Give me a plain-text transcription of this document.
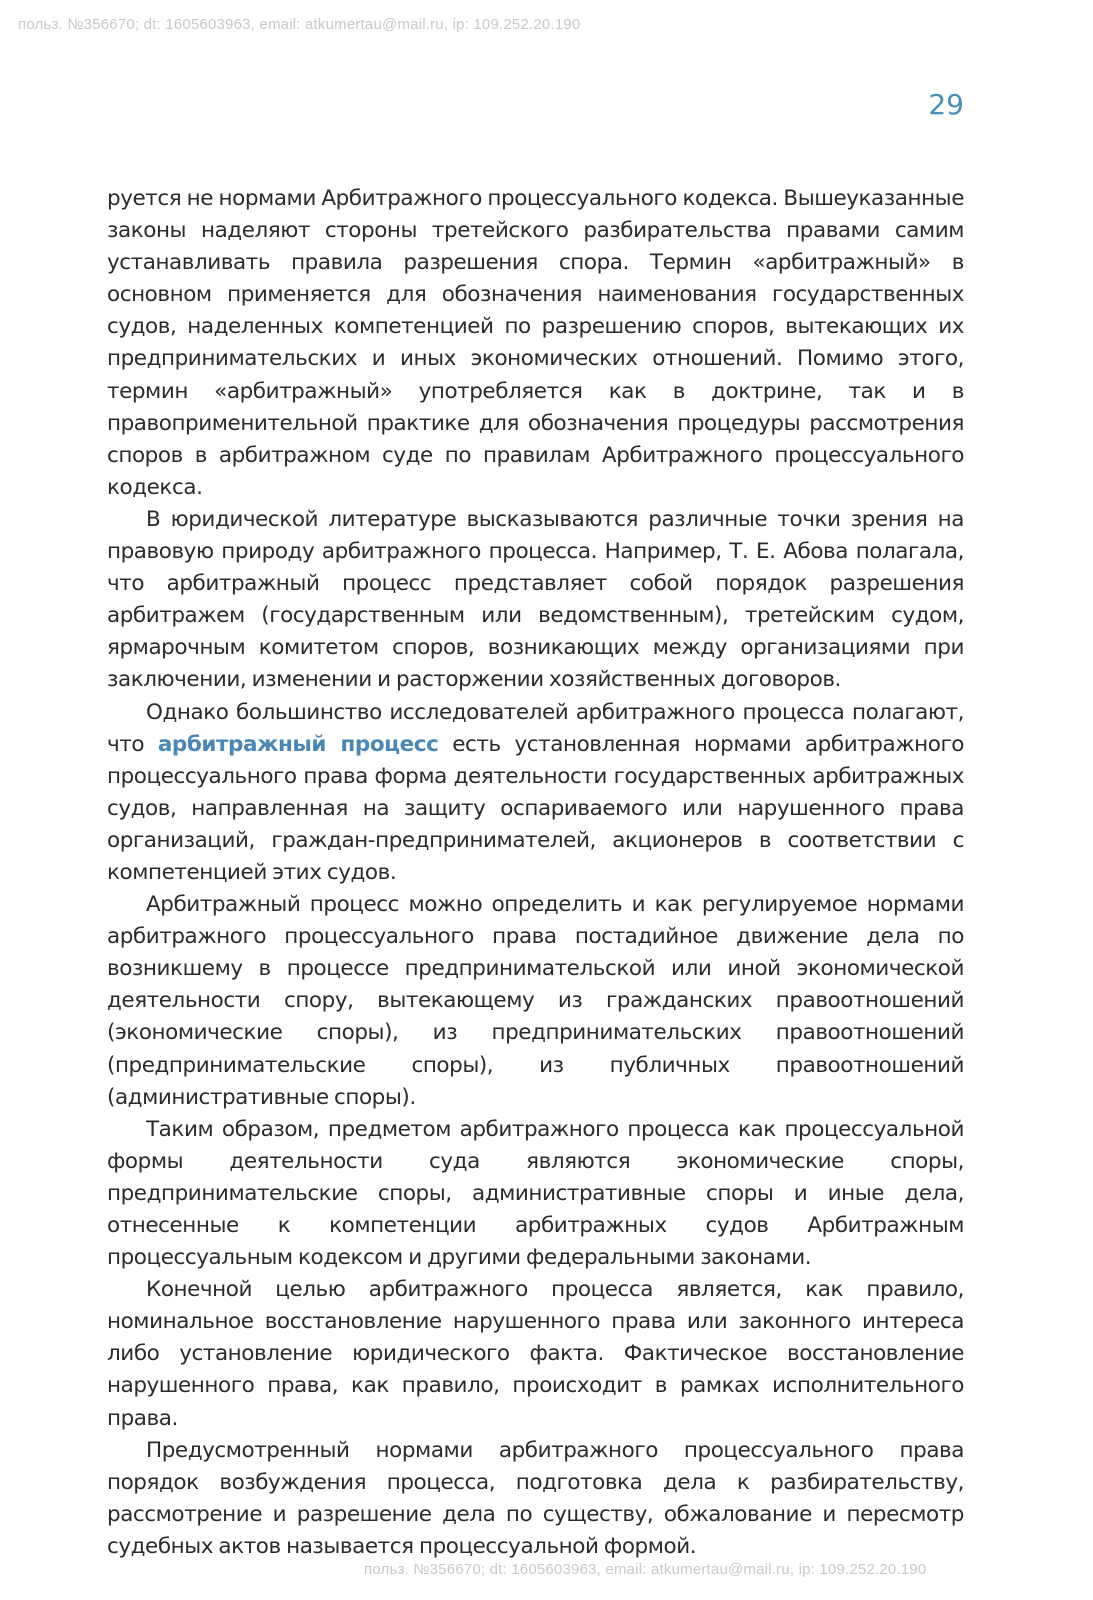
польз. №356670; dt: 1605603963, email: atkumertau@mail.ru, ip: 109.252.20.190
29

руется не нормами Арбитражного процессуального кодекса. Вышеуказанные законы наделяют стороны третейского разбирательства правами самим устанавливать правила разрешения спора. Термин «арбитражный» в основном применяется для обозначения наименования государственных судов, наделенных компетенцией по разрешению споров, вытекающих их предпринимательских и иных экономических отношений. Помимо этого, термин «арбитражный» употребляется как в доктрине, так и в правоприменительной практике для обозначения процедуры рассмотрения споров в арбитражном суде по правилам Арбитражного процессуального кодекса.

В юридической литературе высказываются различные точки зрения на правовую природу арбитражного процесса. Например, Т. Е. Абова полагала, что арбитражный процесс представляет собой порядок разрешения арбитражем (государственным или ведомственным), третейским судом, ярмарочным комитетом споров, возникающих между организациями при заключении, изменении и расторжении хозяйственных договоров.

Однако большинство исследователей арбитражного процесса полагают, что арбитражный процесс есть установленная нормами арбитражного процессуального права форма деятельности государственных арбитражных судов, направленная на защиту оспариваемого или нарушенного права организаций, граждан-предпринимателей, акционеров в соответствии с компетенцией этих судов.

Арбитражный процесс можно определить и как регулируемое нормами арбитражного процессуального права постадийное движение дела по возникшему в процессе предпринимательской или иной экономической деятельности спору, вытекающему из гражданских правоотношений (экономические споры), из предпринимательских правоотношений (предпринимательские споры), из публичных правоотношений (административные споры).

Таким образом, предметом арбитражного процесса как процессуальной формы деятельности суда являются экономические споры, предпринимательские споры, административные споры и иные дела, отнесенные к компетенции арбитражных судов Арбитражным процессуальным кодексом и другими федеральными законами.

Конечной целью арбитражного процесса является, как правило, номинальное восстановление нарушенного права или законного интереса либо установление юридического факта. Фактическое восстановление нарушенного права, как правило, происходит в рамках исполнительного права.

Предусмотренный нормами арбитражного процессуального права порядок возбуждения процесса, подготовка дела к разбирательству, рассмотрение и разрешение дела по существу, обжалование и пересмотр судебных актов называется процессуальной формой.

польз. №356670; dt: 1605603963, email: atkumertau@mail.ru, ip: 109.252.20.190
